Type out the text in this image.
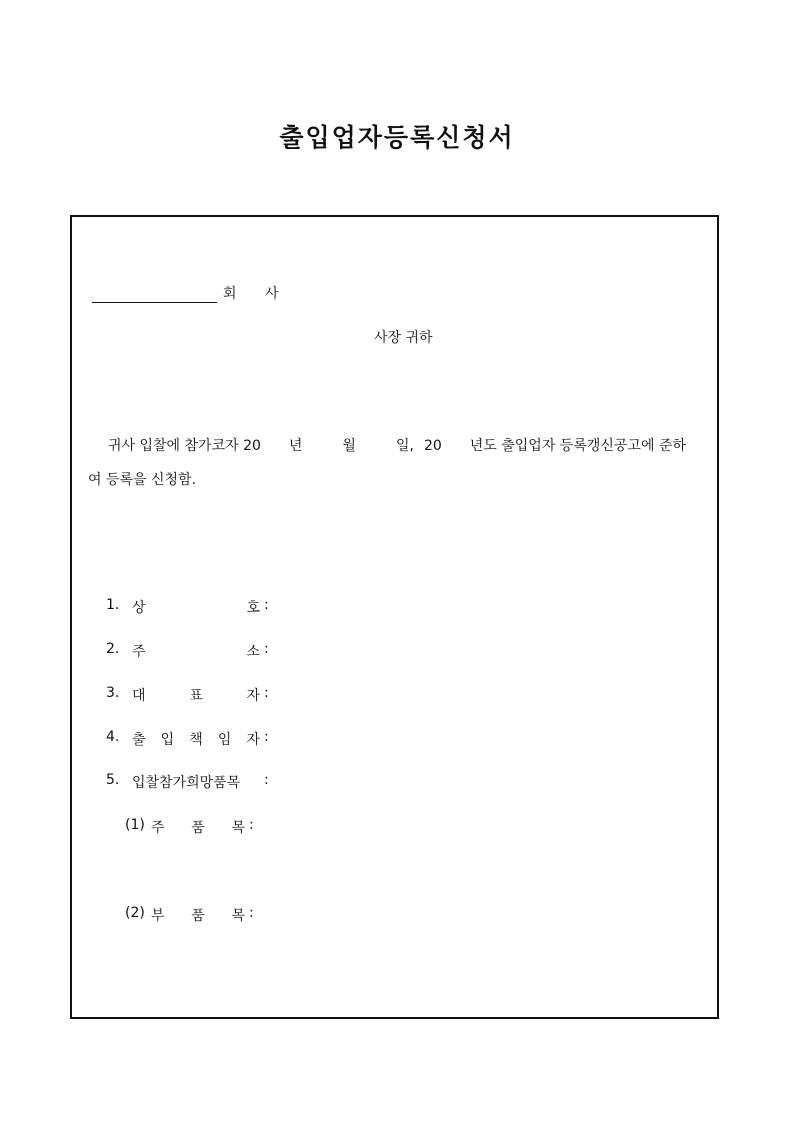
출입업자등록신청서
회 사
사장 귀하

귀사 입찰에 참가코자 20 년	월	일, 20 년도 출입업자 등록갱신공고에 준하
여 등록을 신청함.

1. 상	호 :
2. 주	소 :
3. 대	표	자 :
4. 출 입 책 임 자 :
5. 입찰참가희망품목 :
(1) 주 품 목 :
(2) 부 품 목 :
